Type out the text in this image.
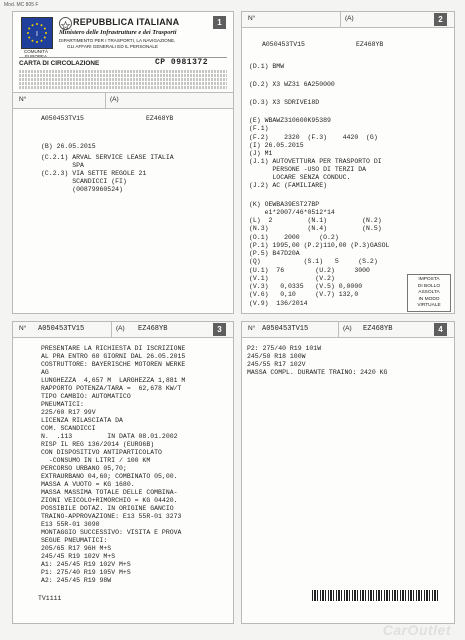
Mod. MC 805 F
1
I
COMUNITÀ
REPUBBLICA ITALIANA
Ministero delle Infrastrutture e dei Trasporti
DIPARTIMENTO PER I TRASPORTI, LA NAVIGAZIONE,
GLI AFFARI GENERALI ED IL PERSONALE
CARTA DI CIRCOLAZIONE	CP 0981372
N°	(A)
A050453TV15	EZ468YB
(B) 26.05.2015
(C.2.1) ARVAL SERVICE LEASE ITALIA
SPA
(C.2.3) VIA SETTE REGOLE 21
SCANDICCI (FI)
(00879960524)
N°	(A)	2
A050453TV15	EZ468YB
(D.1) BMW
(D.2) X3 WZ31 6A250000
(D.3) X3 SDRIVE18D
(E) WBAWZ310600K95389
(F.1)
(F.2)    2320  (F.3)    4420  (G)
(I) 26.05.2015
(J) M1
(J.1) AUTOVETTURA PER TRASPORTO DI
PERSONE -USO DI TERZI DA
LOCARE SENZA CONDUC.
(J.2) AC (FAMILIARE)
(K) OEWBA39EST27BP
e1*2007/46*0512*14
(L)  2         (N.1)         (N.2)
(N.3)          (N.4)         (N.5)
(O.1)    2000     (O.2)
(P.1) 1995,00 (P.2)110,00 (P.3)GASOL
(P.5) B47D20A
(Q)           (S.1)   5     (S.2)
(U.1)  76        (U.2)     3000
(V.1)            (V.2)
(V.3)   0,0335   (V.5) 0,0000
(V.6)   0,10     (V.7) 132,0
(V.9)  136/2014
IMPOSTA
DI BOLLO
ASSOLTA
IN MODO
VIRTUALE
N° A050453TV15	(A) EZ468YB	3
PRESENTARE LA RICHIESTA DI ISCRIZIONE
AL PRA ENTRO 60 GIORNI DAL 26.05.2015
COSTRUTTORE: BAYERISCHE MOTOREN WERKE
AG
LUNGHEZZA  4,657 M  LARGHEZZA 1,881 M
RAPPORTO POTENZA/TARA =  62,678 KW/T
TIPO CAMBIO: AUTOMATICO
PNEUMATICI:
225/60 R17 99V
LICENZA RILASCIATA DA
COM. SCANDICCI
N.  .113         IN DATA 08.01.2002
RISP IL REG 136/2014 (EURO6B)
CON DISPOSITIVO ANTIPARTICOLATO
-CONSUMO IN LITRI / 100 KM
PERCORSO URBANO 05,70;
EXTRAURBANO 04,60; COMBINATO 05,00.
MASSA A VUOTO = KG 1680.
MASSA MASSIMA TOTALE DELLE COMBINA-
ZIONI VEICOLO+RIMORCHIO = KG 04420.
POSSIBILE DOTAZ. IN ORIGINE GANCIO
TRAINO-APPROVAZIONE: E13 55R-01 3273
E13 55R-01 3090
MONTAGGIO SUCCESSIVO: VISITA E PROVA
SEGUE PNEUMATICI:
205/65 R17 96H M+S
245/45 R19 102V M+S
A1: 245/45 R19 102V M+S
P1: 275/40 R19 105V M+S
A2: 245/45 R19 98W
TV1111
N° A050453TV15	(A) EZ468YB	4
P2: 275/40 R19 101W
245/50 R18 100W
245/55 R17 102V
MASSA COMPL. DURANTE TRAINO: 2420 KG
CarOutlet
